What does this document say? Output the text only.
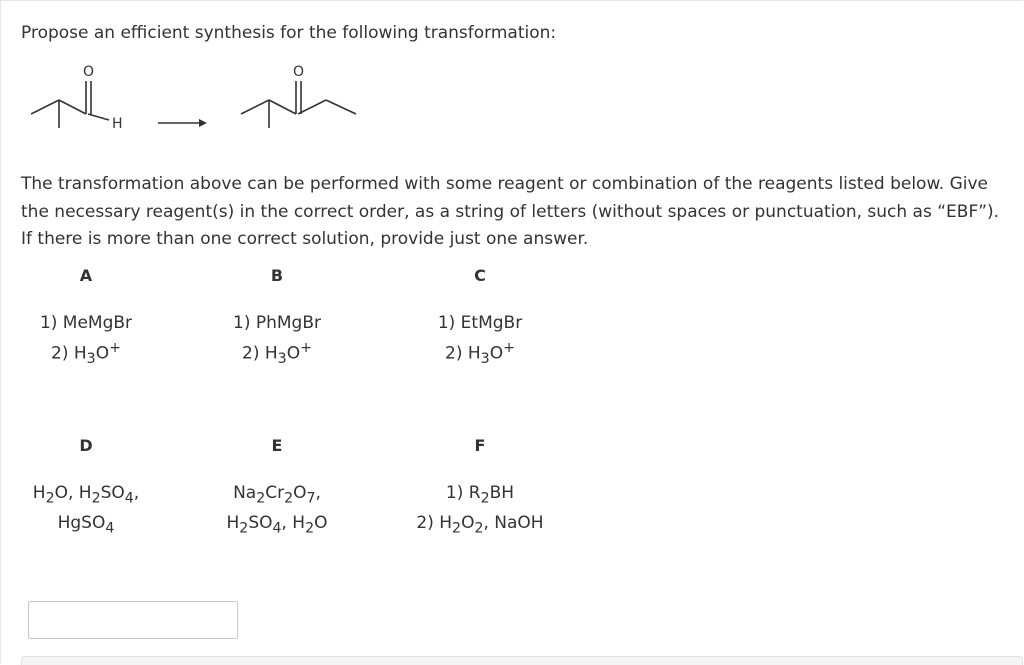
Propose an efficient synthesis for the following transformation:
O
H
O
The transformation above can be performed with some reagent or combination of the reagents listed below. Give the necessary reagent(s) in the correct order, as a string of letters (without spaces or punctuation, such as “EBF”). If there is more than one correct solution, provide just one answer.
A
1) MeMgBr
2) $H_3O^+$
B
1) PhMgBr
2) $H_3O^+$
C
1) EtMgBr
2) $H_3O^+$
D
$H_2O$, $H_2SO_4$,
HgSO$_4$
E
$Na_2Cr_2O_7$,
$H_2SO_4$, $H_2O$
F
1) $R_2BH$
2) $H_2O_2$, NaOH
